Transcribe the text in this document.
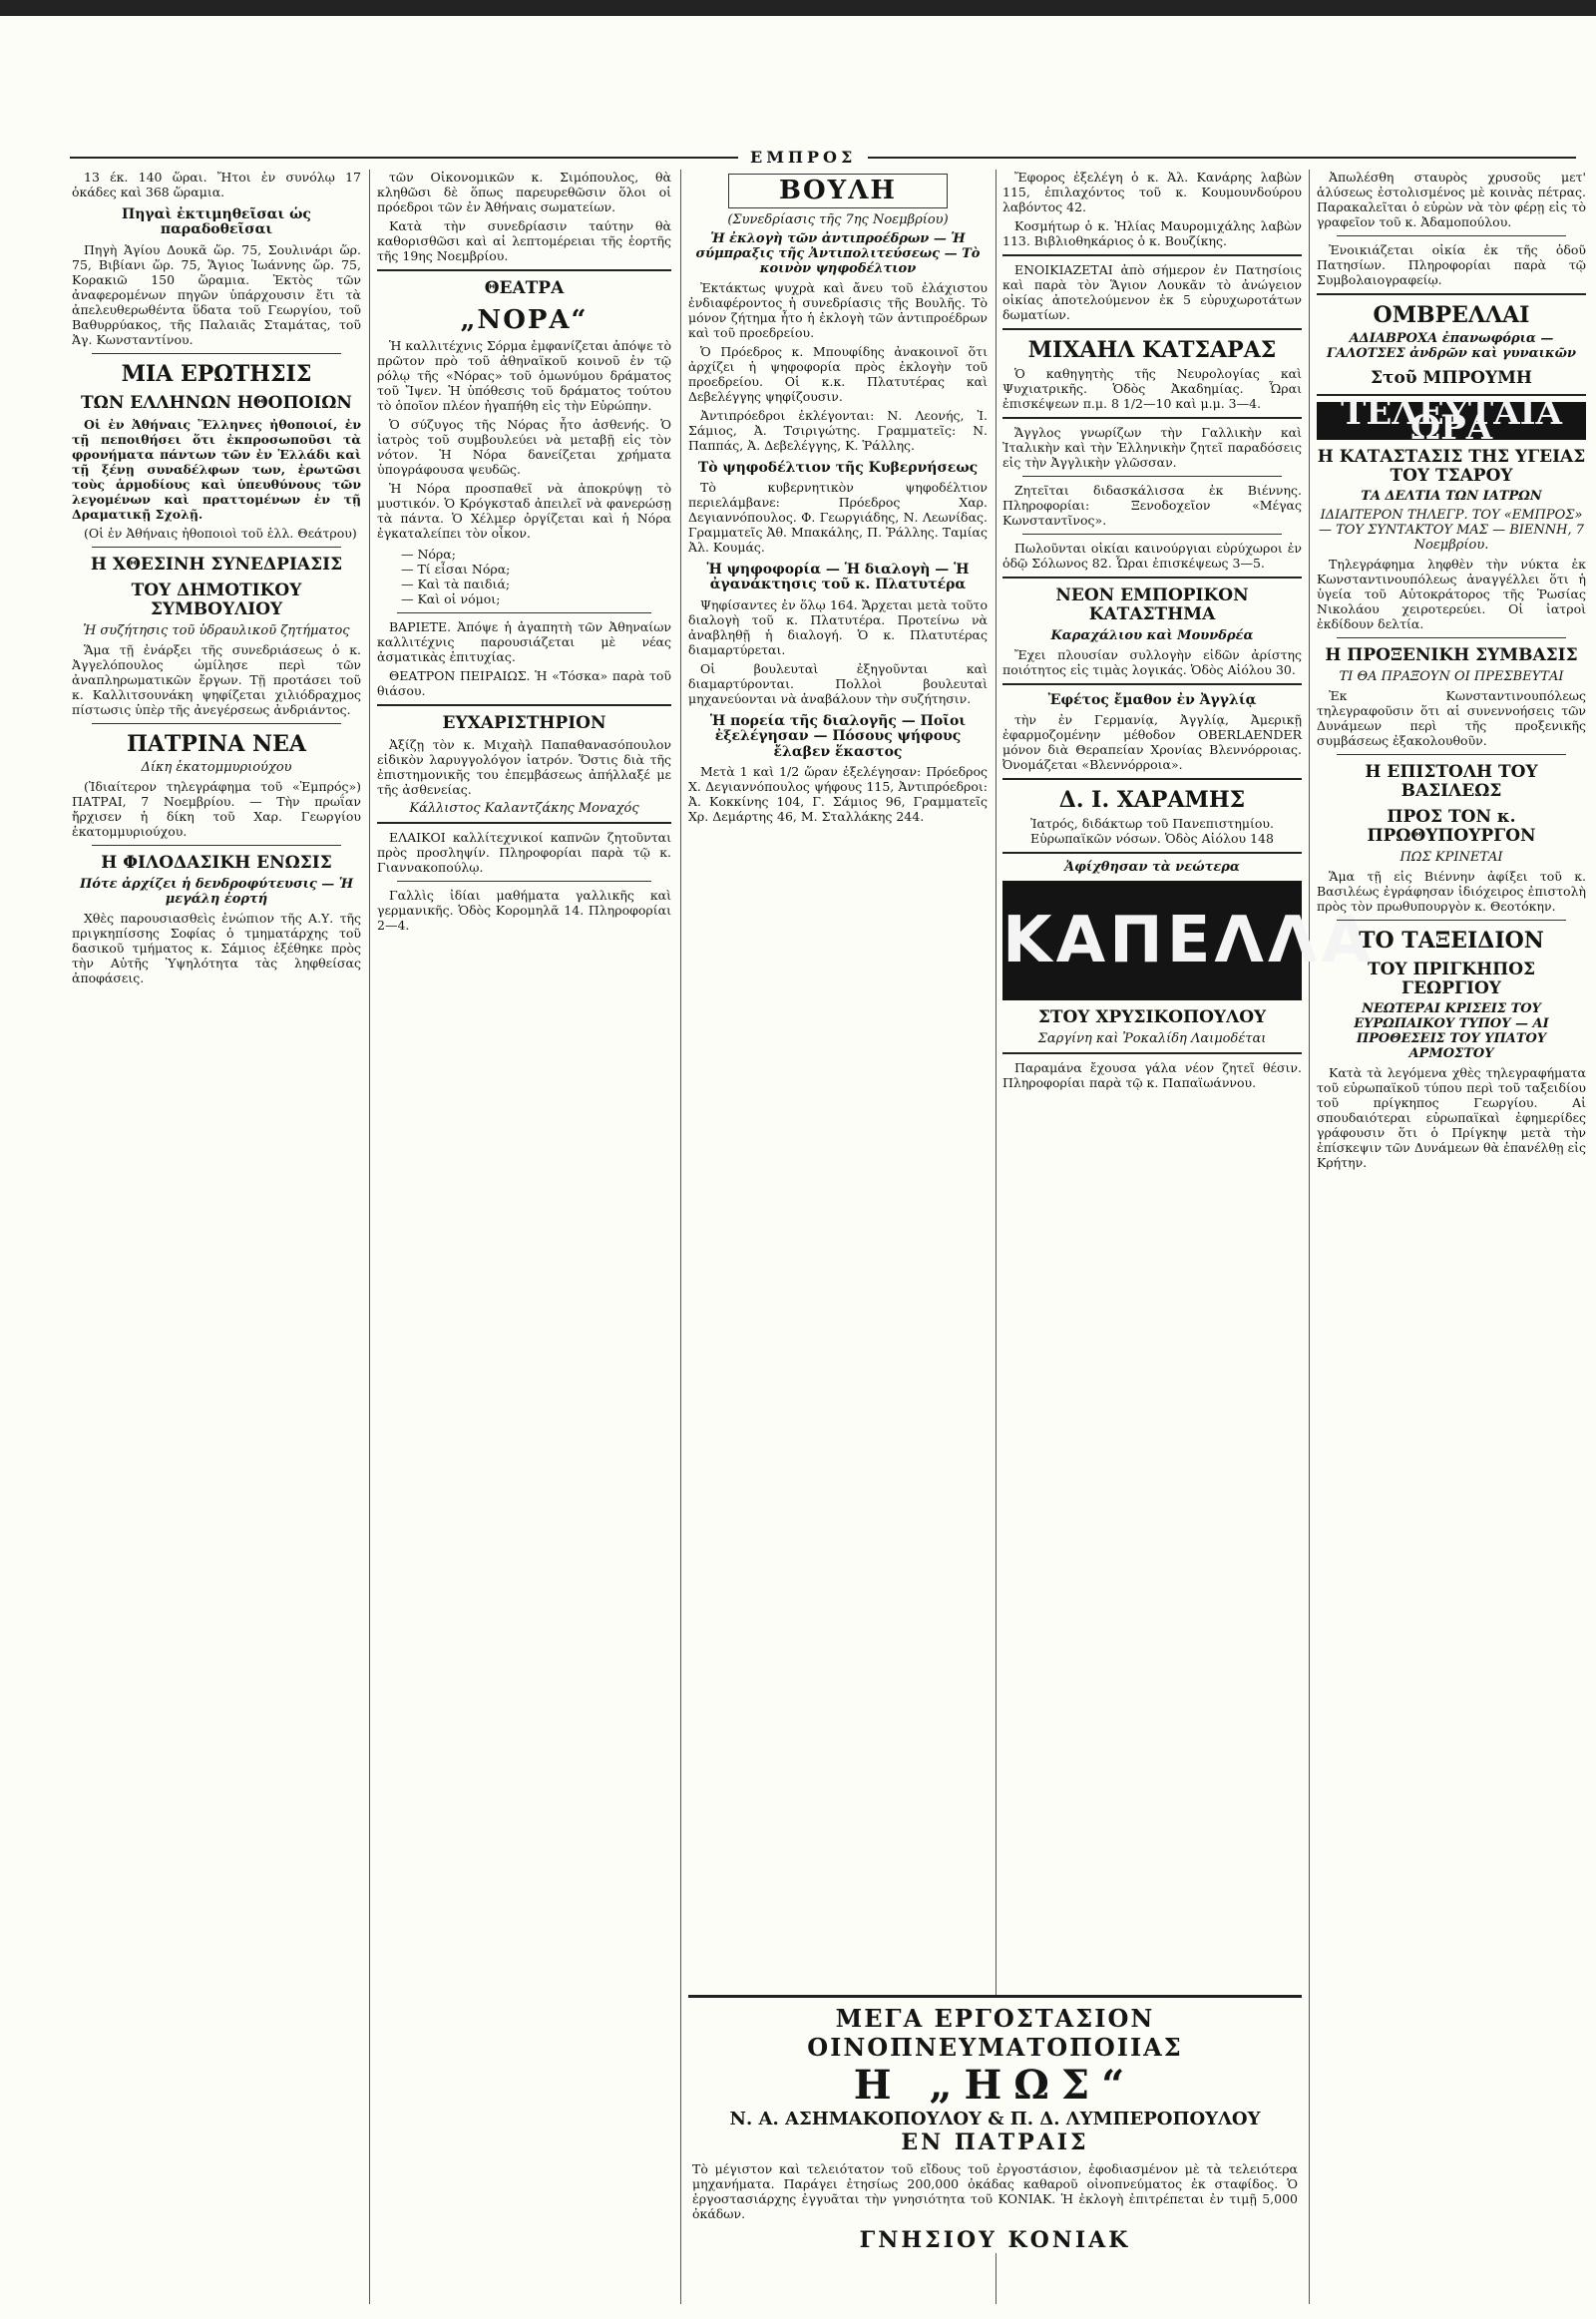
ΕΜΠΡΟΣ

13 έκ. 140 ὥραι. Ἤτοι ἐν συνόλῳ 17 ὀκάδες καὶ 368 ὥραμια.

Πηγαὶ ἐκτιμηθεῖσαι ὡς παραδοθεῖσαι

Πηγὴ Ἁγίου Δουκᾶ ὥρ. 75, Σουλινάρι ὥρ. 75, Βιβίανι ὥρ. 75, Ἅγιος Ἰωάννης ὥρ. 75, Κορακιῶ 150 ὥραμια. Ἐκτὸς τῶν ἀναφερομένων πηγῶν ὑπάρχουσιν ἔτι τὰ ἀπελευθερωθέντα ὕδατα τοῦ Γεωργίου, τοῦ Βαθυρρύακος, τῆς Παλαιᾶς Σταμάτας, τοῦ Ἁγ. Κωνσταντίνου.

ΜΙΑ ΕΡΩΤΗΣΙΣ
ΤΩΝ ΕΛΛΗΝΩΝ ΗΘΟΠΟΙΩΝ

Οἱ ἐν Ἀθήναις Ἕλληνες ἠθοποιοί, ἐν τῇ πεποιθήσει ὅτι ἐκπροσωποῦσι τὰ φρονήματα πάντων τῶν ἐν Ἑλλάδι καὶ τῇ ξένῃ συναδέλφων των, ἐρωτῶσι τοὺς ἁρμοδίους καὶ ὑπευθύνους τῶν λεγομένων καὶ πραττομένων ἐν τῇ Δραματικῇ Σχολῇ.

(Οἱ ἐν Ἀθήναις ἠθοποιοὶ τοῦ ἑλλ. Θεάτρου)

Η ΧΘΕΣΙΝΗ ΣΥΝΕΔΡΙΑΣΙΣ
ΤΟΥ ΔΗΜΟΤΙΚΟΥ ΣΥΜΒΟΥΛΙΟΥ
Ἡ συζήτησις τοῦ ὑδραυλικοῦ ζητήματος

Ἅμα τῇ ἐνάρξει τῆς συνεδριάσεως ὁ κ. Ἀγγελόπουλος ὡμίλησε περὶ τῶν ἀναπληρωματικῶν ἔργων. Τῇ προτάσει τοῦ κ. Καλλιτσουνάκη ψηφίζεται χιλιόδραχμος πίστωσις ὑπὲρ τῆς ἀνεγέρσεως ἀνδριάντος.

ΠΑΤΡΙΝΑ ΝΕΑ
Δίκη ἑκατομμυριούχου

(Ἰδιαίτερον τηλεγράφημα τοῦ «Ἐμπρός») ΠΑΤΡΑΙ, 7 Νοεμβρίου. — Τὴν πρωΐαν ἤρχισεν ἡ δίκη τοῦ Χαρ. Γεωργίου ἑκατομμυριούχου.

Η ΦΙΛΟΔΑΣΙΚΗ ΕΝΩΣΙΣ
Πότε ἀρχίζει ἡ δενδροφύτευσις — Ἡ μεγάλη ἑορτή

Χθὲς παρουσιασθεὶς ἐνώπιον τῆς Α.Υ. τῆς πριγκηπίσσης Σοφίας ὁ τμηματάρχης τοῦ δασικοῦ τμήματος κ. Σάμιος ἐξέθηκε πρὸς τὴν Αὐτῆς Ὑψηλότητα τὰς ληφθείσας ἀποφάσεις.

τῶν Οἰκονομικῶν κ. Σιμόπουλος, θὰ κληθῶσι δὲ ὅπως παρευρεθῶσιν ὅλοι οἱ πρόεδροι τῶν ἐν Ἀθήναις σωματείων.

Κατὰ τὴν συνεδρίασιν ταύτην θὰ καθορισθῶσι καὶ αἱ λεπτομέρειαι τῆς ἑορτῆς τῆς 19ης Νοεμβρίου.

ΘΕΑΤΡΑ
„ΝΟΡΑ“

Ἡ καλλιτέχνις Σόρμα ἐμφανίζεται ἀπόψε τὸ πρῶτον πρὸ τοῦ ἀθηναϊκοῦ κοινοῦ ἐν τῷ ρόλῳ τῆς «Νόρας» τοῦ ὁμωνύμου δράματος τοῦ Ἴψεν. Ἡ ὑπόθεσις τοῦ δράματος τούτου τὸ ὁποῖον πλέον ἠγαπήθη εἰς τὴν Εὐρώπην.

Ὁ σύζυγος τῆς Νόρας ἦτο ἀσθενής. Ὁ ἰατρὸς τοῦ συμβουλεύει νὰ μεταβῇ εἰς τὸν νότον. Ἡ Νόρα δανείζεται χρήματα ὑπογράφουσα ψευδῶς.

Ἡ Νόρα προσπαθεῖ νὰ ἀποκρύψῃ τὸ μυστικόν. Ὁ Κρόγκσταδ ἀπειλεῖ νὰ φανερώσῃ τὰ πάντα. Ὁ Χέλμερ ὀργίζεται καὶ ἡ Νόρα ἐγκαταλείπει τὸν οἶκον.

— Νόρα;
— Τί εἶσαι Νόρα;
— Καὶ τὰ παιδιά;
— Καὶ οἱ νόμοι;

ΒΑΡΙΕΤΕ. Ἀπόψε ἡ ἀγαπητὴ τῶν Ἀθηναίων καλλιτέχνις παρουσιάζεται μὲ νέας ἀσματικὰς ἐπιτυχίας.

ΘΕΑΤΡΟΝ ΠΕΙΡΑΙΩΣ. Ἡ «Τόσκα» παρὰ τοῦ θιάσου.

ΕΥΧΑΡΙΣΤΗΡΙΟΝ

Ἀξίζῃ τὸν κ. Μιχαὴλ Παπαθανασόπουλον εἰδικὸν λαρυγγολόγον ἰατρόν. Ὅστις διὰ τῆς ἐπιστημονικῆς του ἐπεμβάσεως ἀπήλλαξέ με τῆς ἀσθενείας.

Κάλλιστος Καλαντζάκης Μοναχός

ΕΛΑΙΚΟΙ καλλίτεχνικοί καπνῶν ζητοῦνται πρὸς προσληψίν. Πληροφορίαι παρὰ τῷ κ. Γιαννακοπούλῳ.

Γαλλὶς ἰδίαι μαθήματα γαλλικῆς καὶ γερμανικῆς. Ὁδὸς Κορομηλᾶ 14. Πληροφορίαι 2—4.

ΒΟΥΛΗ
(Συνεδρίασις τῆς 7ης Νοεμβρίου)
Ἡ ἐκλογὴ τῶν ἀντιπροέδρων — Ἡ σύμπραξις τῆς Ἀντιπολιτεύσεως — Τὸ κοινὸν ψηφοδέλτιον

Ἐκτάκτως ψυχρὰ καὶ ἄνευ τοῦ ἐλάχιστου ἐνδιαφέροντος ἡ συνεδρίασις τῆς Βουλῆς. Τὸ μόνον ζήτημα ἦτο ἡ ἐκλογὴ τῶν ἀντιπροέδρων καὶ τοῦ προεδρείου.

Ὁ Πρόεδρος κ. Μπουφίδης ἀνακοινοῖ ὅτι ἀρχίζει ἡ ψηφοφορία πρὸς ἐκλογὴν τοῦ προεδρείου. Οἱ κ.κ. Πλατυτέρας καὶ Δεβελέγγης ψηφίζουσιν.

Ἀντιπρόεδροι ἐκλέγονται: Ν. Λεονής, Ἰ. Σάμιος, Ἀ. Τσιριγώτης. Γραμματεῖς: Ν. Παππάς, Ἀ. Δεβελέγγης, Κ. Ῥάλλης.

Τὸ ψηφοδέλτιον τῆς Κυβερνήσεως

Τὸ κυβερνητικὸν ψηφοδέλτιον περιελάμβανε: Πρόεδρος Χαρ. Δεγιαννόπουλος. Φ. Γεωργιάδης, Ν. Λεωνίδας. Γραμματεῖς Ἀθ. Μπακάλης, Π. Ῥάλλης. Ταμίας Ἀλ. Κουμάς.

Ἡ ψηφοφορία — Ἡ διαλογὴ — Ἡ ἀγανάκτησις τοῦ κ. Πλατυτέρα

Ψηφίσαντες ἐν ὅλῳ 164. Ἄρχεται μετὰ τοῦτο διαλογὴ τοῦ κ. Πλατυτέρα. Προτείνω νὰ ἀναβληθῇ ἡ διαλογή. Ὁ κ. Πλατυτέρας διαμαρτύρεται.

Οἱ βουλευταὶ ἐξηγοῦνται καὶ διαμαρτύρονται. Πολλοὶ βουλευταὶ μηχανεύονται νὰ ἀναβάλουν τὴν συζήτησιν.

Ἡ πορεία τῆς διαλογῆς — Ποῖοι ἐξελέγησαν — Πόσους ψήφους ἔλαβεν ἕκαστος

Μετὰ 1 καὶ 1/2 ὥραν ἐξελέγησαν: Πρόεδρος Χ. Δεγιαννόπουλος ψήφους 115, Ἀντιπρόεδροι: Ἀ. Κοκκίνης 104, Γ. Σάμιος 96, Γραμματεῖς Χρ. Δεμάρτης 46, Μ. Σταλλάκης 244.

Ἔφορος ἐξελέγη ὁ κ. Ἀλ. Κανάρης λαβὼν 115, ἐπιλαχόντος τοῦ κ. Κουμουνδούρου λαβόντος 42.

Κοσμήτωρ ὁ κ. Ἠλίας Μαυρομιχάλης λαβὼν 113. Βιβλιοθηκάριος ὁ κ. Βουζίκης.

ΕΝΟΙΚΙΑΖΕΤΑΙ ἀπὸ σήμερον ἐν Πατησίοις καὶ παρὰ τὸν Ἅγιον Λουκᾶν τὸ ἀνώγειον οἰκίας ἀποτελούμενον ἐκ 5 εὐρυχωροτάτων δωματίων.

ΜΙΧΑΗΛ ΚΑΤΣΑΡΑΣ

Ὁ καθηγητὴς τῆς Νευρολογίας καὶ Ψυχιατρικῆς. Ὁδὸς Ἀκαδημίας. Ὧραι ἐπισκέψεων π.μ. 8 1/2—10 καὶ μ.μ. 3—4.

Ἄγγλος γνωρίζων τὴν Γαλλικὴν καὶ Ἰταλικὴν καὶ τὴν Ἑλληνικὴν ζητεῖ παραδόσεις εἰς τὴν Ἀγγλικὴν γλῶσσαν.

Ζητεῖται διδασκάλισσα ἐκ Βιέννης. Πληροφορίαι: Ξενοδοχεῖον «Μέγας Κωνσταντῖνος».

Πωλοῦνται οἰκίαι καινούργιαι εὐρύχωροι ἐν ὁδῷ Σόλωνος 82. Ὧραι ἐπισκέψεως 3—5.

ΝΕΟΝ ΕΜΠΟΡΙΚΟΝ ΚΑΤΑΣΤΗΜΑ
Καραχάλιου καὶ Μουνδρέα

Ἔχει πλουσίαν συλλογὴν εἰδῶν ἀρίστης ποιότητος εἰς τιμὰς λογικάς. Ὁδὸς Αἰόλου 30.

Ἐφέτος ἔμαθον ἐν Ἀγγλίᾳ

τὴν ἐν Γερμανίᾳ, Ἀγγλίᾳ, Ἀμερικῇ ἐφαρμοζομένην μέθοδον OBERLAENDER μόνον διὰ Θεραπείαν Χρονίας Βλεννόρροιας. Ὀνομάζεται «Βλεννόρροια».

Δ. Ι. ΧΑΡΑΜΗΣ

Ἰατρός, διδάκτωρ τοῦ Πανεπιστημίου. Εὐρωπαϊκῶν νόσων. Ὁδὸς Αἰόλου 148

Ἀφίχθησαν τὰ νεώτερα
ΚΑΠΕΛΛΑ
ΣΤΟΥ ΧΡΥΣΙΚΟΠΟΥΛΟΥ
Σαργίνη καὶ Ῥοκαλίδη Λαιμοδέται

Παραμάνα ἔχουσα γάλα νέον ζητεῖ θέσιν. Πληροφορίαι παρὰ τῷ κ. Παπαϊωάννου.

Ἀπωλέσθη σταυρὸς χρυσοῦς μετ' ἁλύσεως ἐστολισμένος μὲ κοινὰς πέτρας. Παρακαλεῖται ὁ εὑρὼν νὰ τὸν φέρῃ εἰς τὸ γραφεῖον τοῦ κ. Ἀδαμοπούλου.

Ἐνοικιάζεται οἰκία ἐκ τῆς ὁδοῦ Πατησίων. Πληροφορίαι παρὰ τῷ Συμβολαιογραφείῳ.

ΟΜΒΡΕΛΛΑΙ
ΑΔΙΑΒΡΟΧΑ ἐπανωφόρια — ΓΑΛΟΤΣΕΣ ἀνδρῶν καὶ γυναικῶν
Στοῦ ΜΠΡΟΥΜΗ
ΤΕΛΕΥΤΑΙΑ ΩΡΑ
Η ΚΑΤΑΣΤΑΣΙΣ ΤΗΣ ΥΓΕΙΑΣ ΤΟΥ ΤΣΑΡΟΥ
ΤΑ ΔΕΛΤΙΑ ΤΩΝ ΙΑΤΡΩΝ
ΙΔΙΑΙΤΕΡΟΝ ΤΗΛΕΓΡ. ΤΟΥ «ΕΜΠΡΟΣ» — ΤΟΥ ΣΥΝΤΑΚΤΟΥ ΜΑΣ — ΒΙΕΝΝΗ, 7 Νοεμβρίου.

Τηλεγράφημα ληφθὲν τὴν νύκτα ἐκ Κωνσταντινουπόλεως ἀναγγέλλει ὅτι ἡ ὑγεία τοῦ Αὐτοκράτορος τῆς Ῥωσίας Νικολάου χειροτερεύει. Οἱ ἰατροὶ ἐκδίδουν δελτία.

Η ΠΡΟΞΕΝΙΚΗ ΣΥΜΒΑΣΙΣ
ΤΙ ΘΑ ΠΡΑΞΟΥΝ ΟΙ ΠΡΕΣΒΕΥΤΑΙ

Ἐκ Κωνσταντινουπόλεως τηλεγραφοῦσιν ὅτι αἱ συνεννοήσεις τῶν Δυνάμεων περὶ τῆς προξενικῆς συμβάσεως ἐξακολουθοῦν.

Η ΕΠΙΣΤΟΛΗ ΤΟΥ ΒΑΣΙΛΕΩΣ
ΠΡΟΣ ΤΟΝ κ. ΠΡΩΘΥΠΟΥΡΓΟΝ
ΠΩΣ ΚΡΙΝΕΤΑΙ

Ἅμα τῇ εἰς Βιέννην ἀφίξει τοῦ κ. Βασιλέως ἐγράφησαν ἰδιόχειρος ἐπιστολὴ πρὸς τὸν πρωθυπουργὸν κ. Θεοτόκην.

ΤΟ ΤΑΞΕΙΔΙΟΝ
ΤΟΥ ΠΡΙΓΚΗΠΟΣ ΓΕΩΡΓΙΟΥ
ΝΕΩΤΕΡΑΙ ΚΡΙΣΕΙΣ ΤΟΥ ΕΥΡΩΠΑΙΚΟΥ ΤΥΠΟΥ — ΑΙ ΠΡΟΘΕΣΕΙΣ ΤΟΥ ΥΠΑΤΟΥ ΑΡΜΟΣΤΟΥ

Κατὰ τὰ λεγόμενα χθὲς τηλεγραφήματα τοῦ εὐρωπαϊκοῦ τύπου περὶ τοῦ ταξειδίου τοῦ πρίγκηπος Γεωργίου. Αἱ σπουδαιότεραι εὐρωπαϊκαὶ ἐφημερίδες γράφουσιν ὅτι ὁ Πρίγκηψ μετὰ τὴν ἐπίσκεψιν τῶν Δυνάμεων θὰ ἐπανέλθῃ εἰς Κρήτην.

ΜΕΓΑ ΕΡΓΟΣΤΑΣΙΟΝ ΟΙΝΟΠΝΕΥΜΑΤΟΠΟΙΙΑΣ
Η „ΗΩΣ“
Ν. Α. ΑΣΗΜΑΚΟΠΟΥΛΟΥ & Π. Δ. ΛΥΜΠΕΡΟΠΟΥΛΟΥ
ΕΝ ΠΑΤΡΑΙΣ
Τὸ μέγιστον καὶ τελειότατον τοῦ εἴδους τοῦ ἐργοστάσιον, ἐφοδιασμένον μὲ τὰ τελειότερα μηχανήματα. Παράγει ἐτησίως 200,000 ὀκάδας καθαροῦ οἰνοπνεύματος ἐκ σταφίδος. Ὁ ἐργοστασιάρχης ἐγγυᾶται τὴν γνησιότητα τοῦ ΚΟΝΙΑΚ. Ἡ ἐκλογὴ ἐπιτρέπεται ἐν τιμῇ 5,000 ὀκάδων.
ΓΝΗΣΙΟΥ ΚΟΝΙΑΚ
